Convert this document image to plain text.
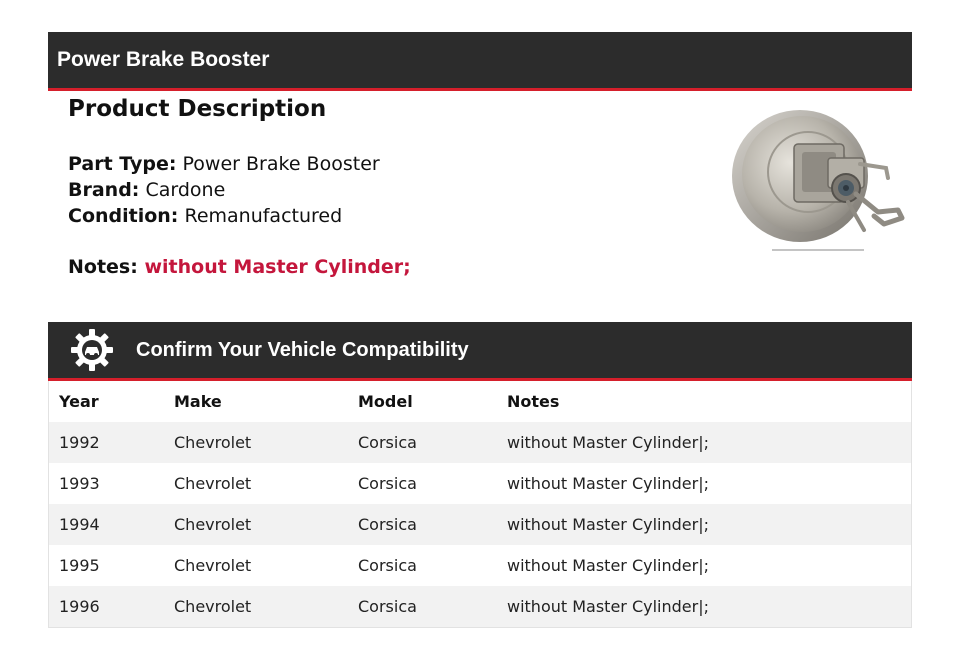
Power Brake Booster
Product Description
Part Type: Power Brake Booster
Brand: Cardone
Condition: Remanufactured
Notes: without Master Cylinder;
Confirm Your Vehicle Compatibility
Year	Make	Model	Notes
1992	Chevrolet	Corsica	without Master Cylinder|;
1993	Chevrolet	Corsica	without Master Cylinder|;
1994	Chevrolet	Corsica	without Master Cylinder|;
1995	Chevrolet	Corsica	without Master Cylinder|;
1996	Chevrolet	Corsica	without Master Cylinder|;
